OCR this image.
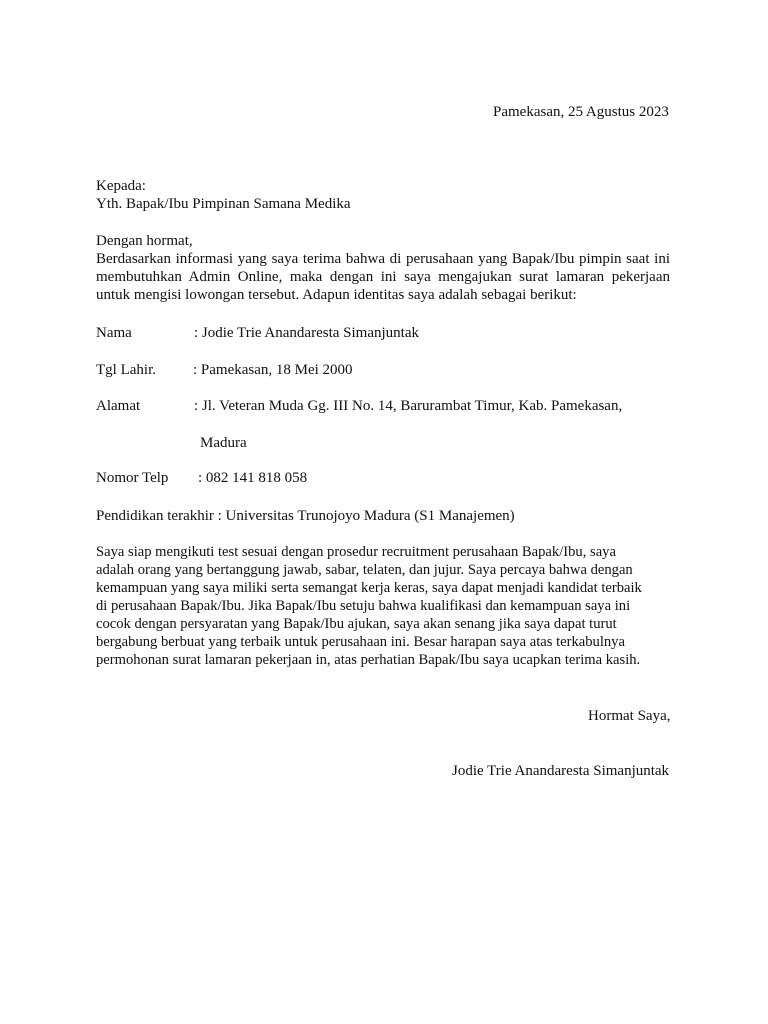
Pamekasan, 25 Agustus 2023
Kepada:
Yth. Bapak/Ibu Pimpinan Samana Medika
Dengan hormat,
Berdasarkan informasi yang saya terima bahwa di perusahaan yang Bapak/Ibu pimpin saat ini
membutuhkan Admin Online, maka dengan ini saya mengajukan surat lamaran pekerjaan
untuk mengisi lowongan tersebut. Adapun identitas saya adalah sebagai berikut:
Nama	: Jodie Trie Anandaresta Simanjuntak
Tgl Lahir. : Pamekasan, 18 Mei 2000
Alamat	: Jl. Veteran Muda Gg. III No. 14, Barurambat Timur, Kab. Pamekasan,
Madura
Nomor Telp : 082 141 818 058
Pendidikan terakhir : Universitas Trunojoyo Madura (S1 Manajemen)
Saya siap mengikuti test sesuai dengan prosedur recruitment perusahaan Bapak/Ibu, saya
adalah orang yang bertanggung jawab, sabar, telaten, dan jujur. Saya percaya bahwa dengan
kemampuan yang saya miliki serta semangat kerja keras, saya dapat menjadi kandidat terbaik
di perusahaan Bapak/Ibu. Jika Bapak/Ibu setuju bahwa kualifikasi dan kemampuan saya ini
cocok dengan persyaratan yang Bapak/Ibu ajukan, saya akan senang jika saya dapat turut
bergabung berbuat yang terbaik untuk perusahaan ini. Besar harapan saya atas terkabulnya
permohonan surat lamaran pekerjaan in, atas perhatian Bapak/Ibu saya ucapkan terima kasih.
Hormat Saya,
Jodie Trie Anandaresta Simanjuntak
